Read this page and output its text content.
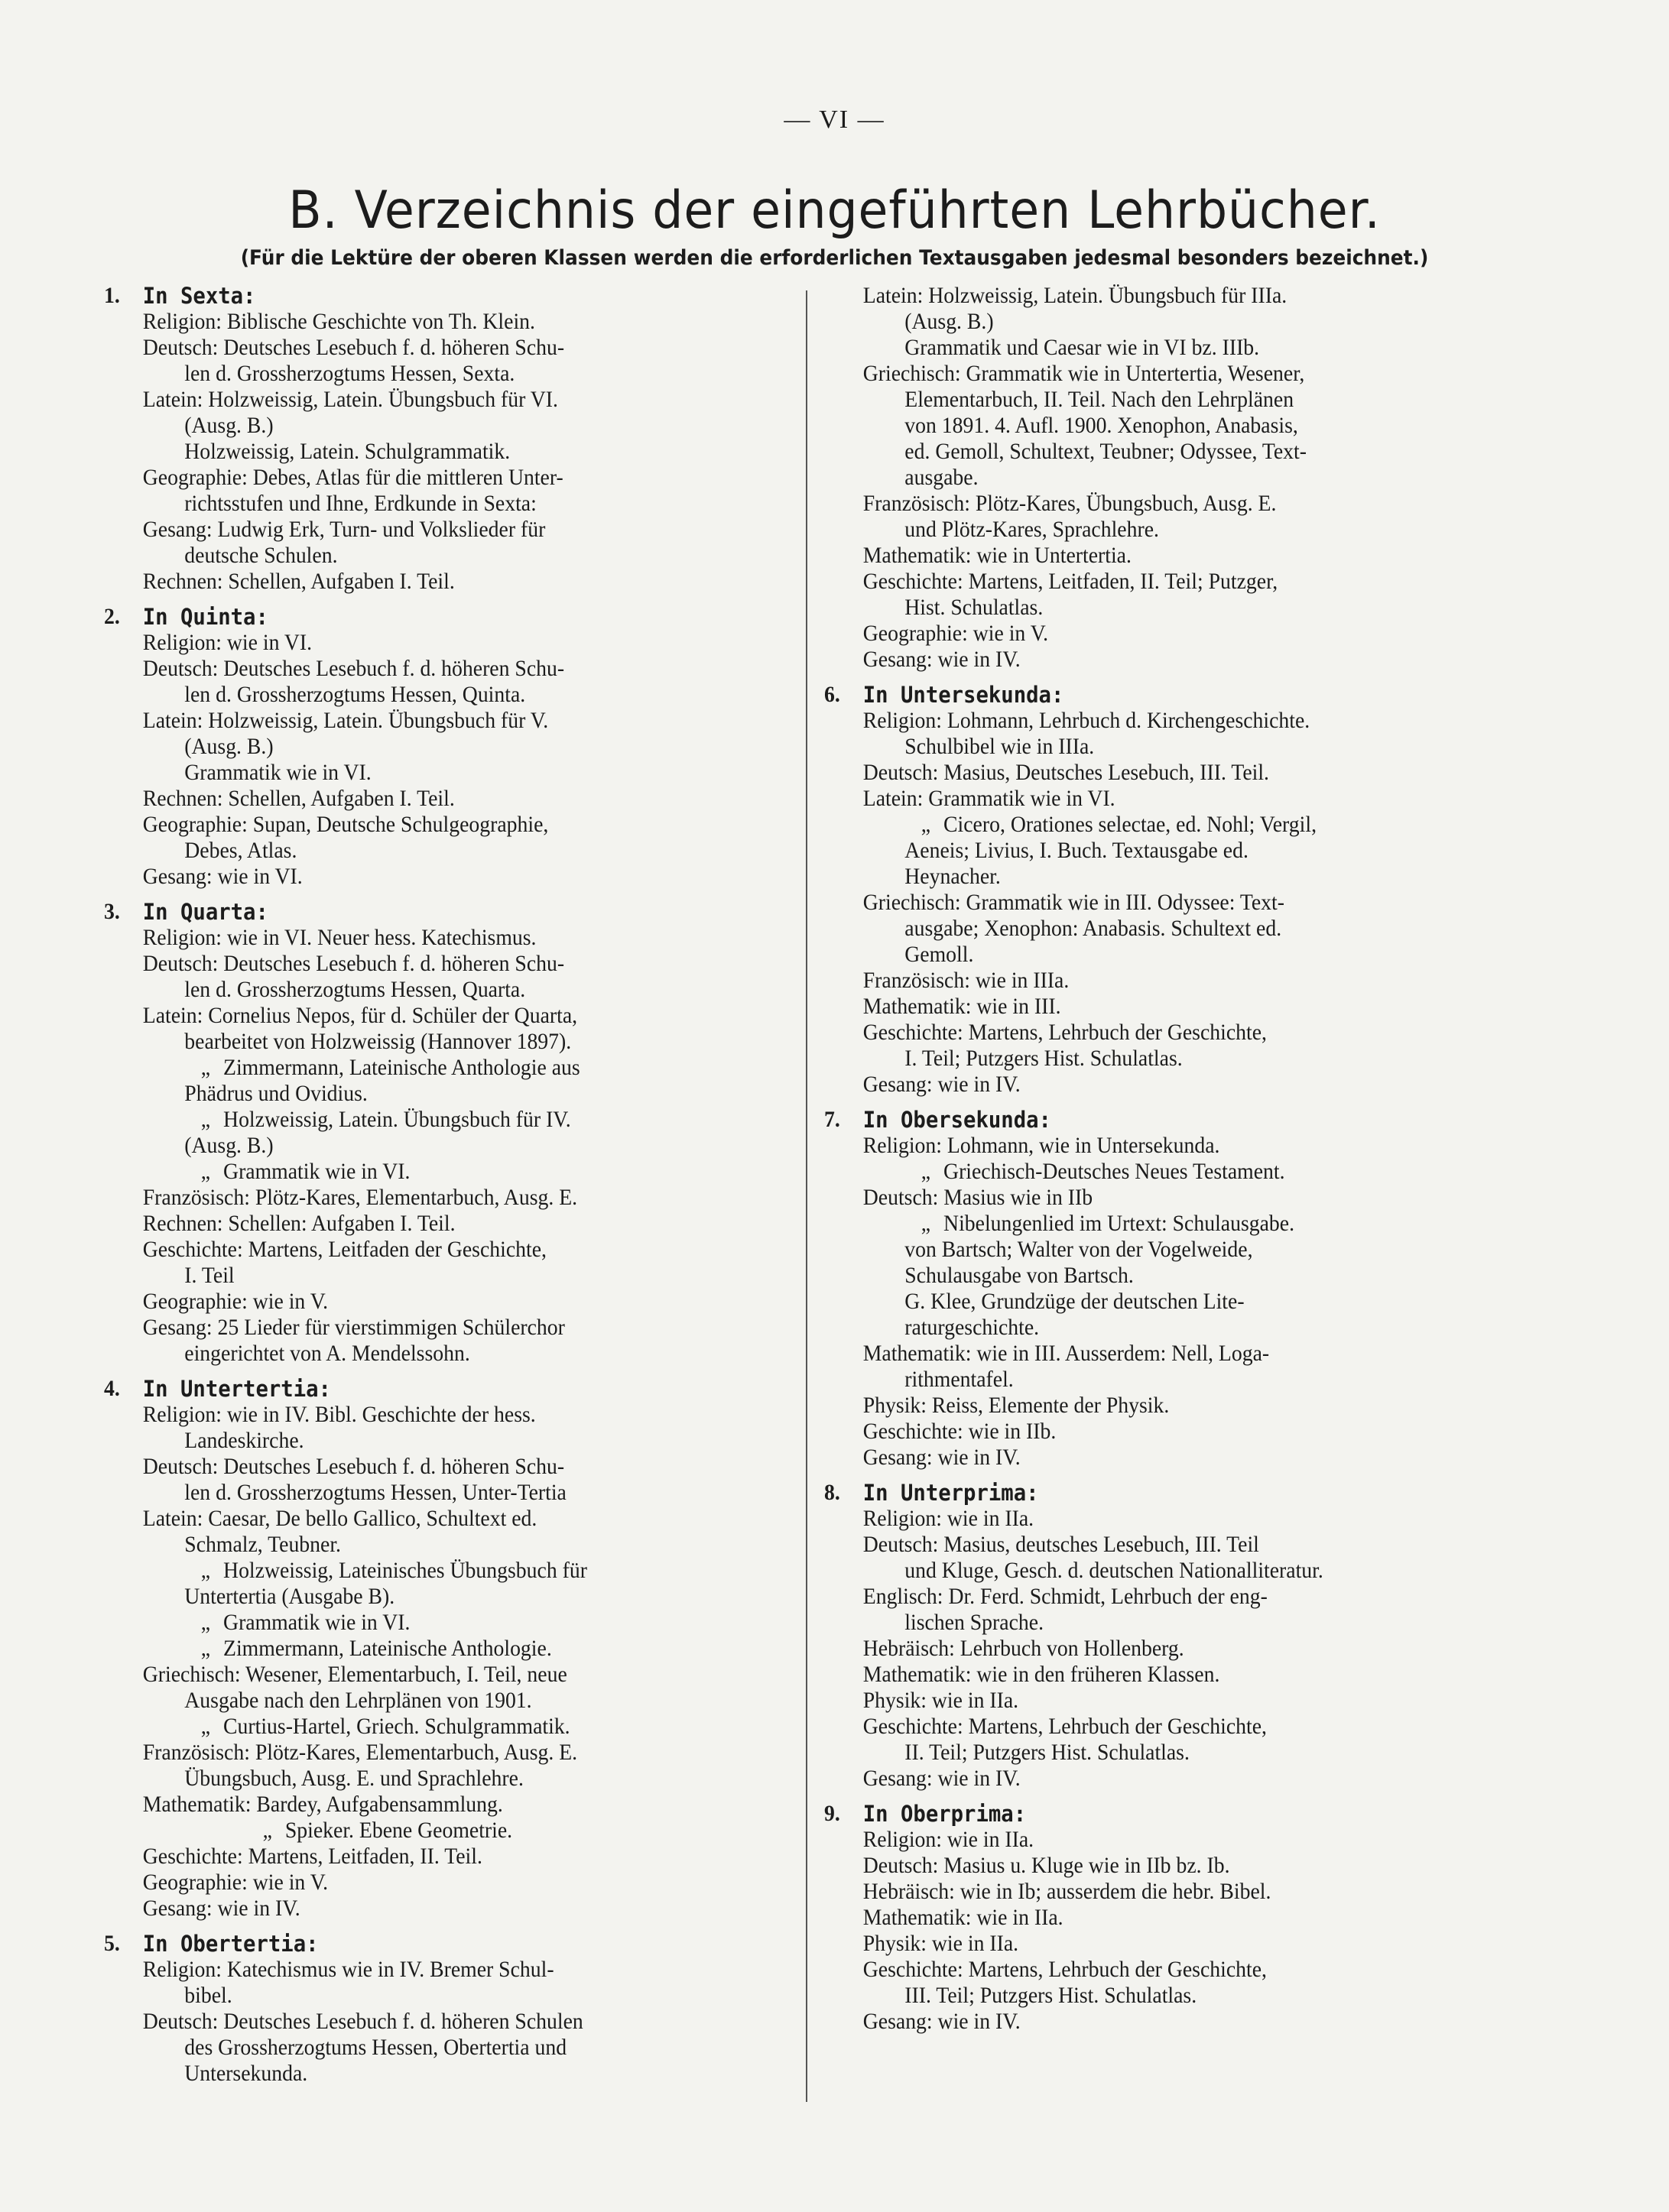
— VI —
B. Verzeichnis der eingeführten Lehrbücher.
(Für die Lektüre der oberen Klassen werden die erforderlichen Textausgaben jedesmal besonders bezeichnet.)
1.	In Sexta:
Religion: Biblische Geschichte von Th. Klein.
Deutsch: Deutsches Lesebuch f. d. höheren Schu-
len d. Grossherzogtums Hessen, Sexta.
Latein: Holzweissig, Latein. Übungsbuch für VI.
(Ausg. B.)
Holzweissig, Latein. Schulgrammatik.
Geographie: Debes, Atlas für die mittleren Unter-
richtsstufen und Ihne, Erdkunde in Sexta:
Gesang: Ludwig Erk, Turn- und Volkslieder für
deutsche Schulen.
Rechnen: Schellen, Aufgaben I. Teil.
2.	In Quinta:
Religion: wie in VI.
Deutsch: Deutsches Lesebuch f. d. höheren Schu-
len d. Grossherzogtums Hessen, Quinta.
Latein: Holzweissig, Latein. Übungsbuch für V.
(Ausg. B.)
Grammatik wie in VI.
Rechnen: Schellen, Aufgaben I. Teil.
Geographie: Supan, Deutsche Schulgeographie,
Debes, Atlas.
Gesang: wie in VI.
3.	In Quarta:
Religion: wie in VI. Neuer hess. Katechismus.
Deutsch: Deutsches Lesebuch f. d. höheren Schu-
len d. Grossherzogtums Hessen, Quarta.
Latein: Cornelius Nepos, für d. Schüler der Quarta,
bearbeitet von Holzweissig (Hannover 1897).
„ Zimmermann, Lateinische Anthologie aus
Phädrus und Ovidius.
„ Holzweissig, Latein. Übungsbuch für IV.
(Ausg. B.)
„ Grammatik wie in VI.
Französisch: Plötz-Kares, Elementarbuch, Ausg. E.
Rechnen: Schellen: Aufgaben I. Teil.
Geschichte: Martens, Leitfaden der Geschichte,
I. Teil
Geographie: wie in V.
Gesang: 25 Lieder für vierstimmigen Schülerchor
eingerichtet von A. Mendelssohn.
4.	In Untertertia:
Religion: wie in IV. Bibl. Geschichte der hess.
Landeskirche.
Deutsch: Deutsches Lesebuch f. d. höheren Schu-
len d. Grossherzogtums Hessen, Unter-Tertia
Latein: Caesar, De bello Gallico, Schultext ed.
Schmalz, Teubner.
„ Holzweissig, Lateinisches Übungsbuch für
Untertertia (Ausgabe B).
„ Grammatik wie in VI.
„ Zimmermann, Lateinische Anthologie.
Griechisch: Wesener, Elementarbuch, I. Teil, neue
Ausgabe nach den Lehrplänen von 1901.
„ Curtius-Hartel, Griech. Schulgrammatik.
Französisch: Plötz-Kares, Elementarbuch, Ausg. E.
Übungsbuch, Ausg. E. und Sprachlehre.
Mathematik: Bardey, Aufgabensammlung.
„ Spieker. Ebene Geometrie.
Geschichte: Martens, Leitfaden, II. Teil.
Geographie: wie in V.
Gesang: wie in IV.
5.	In Obertertia:
Religion: Katechismus wie in IV. Bremer Schul-
bibel.
Deutsch: Deutsches Lesebuch f. d. höheren Schulen
des Grossherzogtums Hessen, Obertertia und
Untersekunda.
Latein: Holzweissig, Latein. Übungsbuch für IIIa.
(Ausg. B.)
Grammatik und Caesar wie in VI bz. IIIb.
Griechisch: Grammatik wie in Untertertia, Wesener,
Elementarbuch, II. Teil. Nach den Lehrplänen
von 1891. 4. Aufl. 1900. Xenophon, Anabasis,
ed. Gemoll, Schultext, Teubner; Odyssee, Text-
ausgabe.
Französisch: Plötz-Kares, Übungsbuch, Ausg. E.
und Plötz-Kares, Sprachlehre.
Mathematik: wie in Untertertia.
Geschichte: Martens, Leitfaden, II. Teil; Putzger,
Hist. Schulatlas.
Geographie: wie in V.
Gesang: wie in IV.
6.	In Untersekunda:
Religion: Lohmann, Lehrbuch d. Kirchengeschichte.
Schulbibel wie in IIIa.
Deutsch: Masius, Deutsches Lesebuch, III. Teil.
Latein: Grammatik wie in VI.
„ Cicero, Orationes selectae, ed. Nohl; Vergil,
Aeneis; Livius, I. Buch. Textausgabe ed.
Heynacher.
Griechisch: Grammatik wie in III. Odyssee: Text-
ausgabe; Xenophon: Anabasis. Schultext ed.
Gemoll.
Französisch: wie in IIIa.
Mathematik: wie in III.
Geschichte: Martens, Lehrbuch der Geschichte,
I. Teil; Putzgers Hist. Schulatlas.
Gesang: wie in IV.
7.	In Obersekunda:
Religion: Lohmann, wie in Untersekunda.
„ Griechisch-Deutsches Neues Testament.
Deutsch: Masius wie in IIb
„ Nibelungenlied im Urtext: Schulausgabe.
von Bartsch; Walter von der Vogelweide,
Schulausgabe von Bartsch.
G. Klee, Grundzüge der deutschen Lite-
raturgeschichte.
Mathematik: wie in III. Ausserdem: Nell, Loga-
rithmentafel.
Physik: Reiss, Elemente der Physik.
Geschichte: wie in IIb.
Gesang: wie in IV.
8.	In Unterprima:
Religion: wie in IIa.
Deutsch: Masius, deutsches Lesebuch, III. Teil
und Kluge, Gesch. d. deutschen Nationalliteratur.
Englisch: Dr. Ferd. Schmidt, Lehrbuch der eng-
lischen Sprache.
Hebräisch: Lehrbuch von Hollenberg.
Mathematik: wie in den früheren Klassen.
Physik: wie in IIa.
Geschichte: Martens, Lehrbuch der Geschichte,
II. Teil; Putzgers Hist. Schulatlas.
Gesang: wie in IV.
9.	In Oberprima:
Religion: wie in IIa.
Deutsch: Masius u. Kluge wie in IIb bz. Ib.
Hebräisch: wie in Ib; ausserdem die hebr. Bibel.
Mathematik: wie in IIa.
Physik: wie in IIa.
Geschichte: Martens, Lehrbuch der Geschichte,
III. Teil; Putzgers Hist. Schulatlas.
Gesang: wie in IV.
